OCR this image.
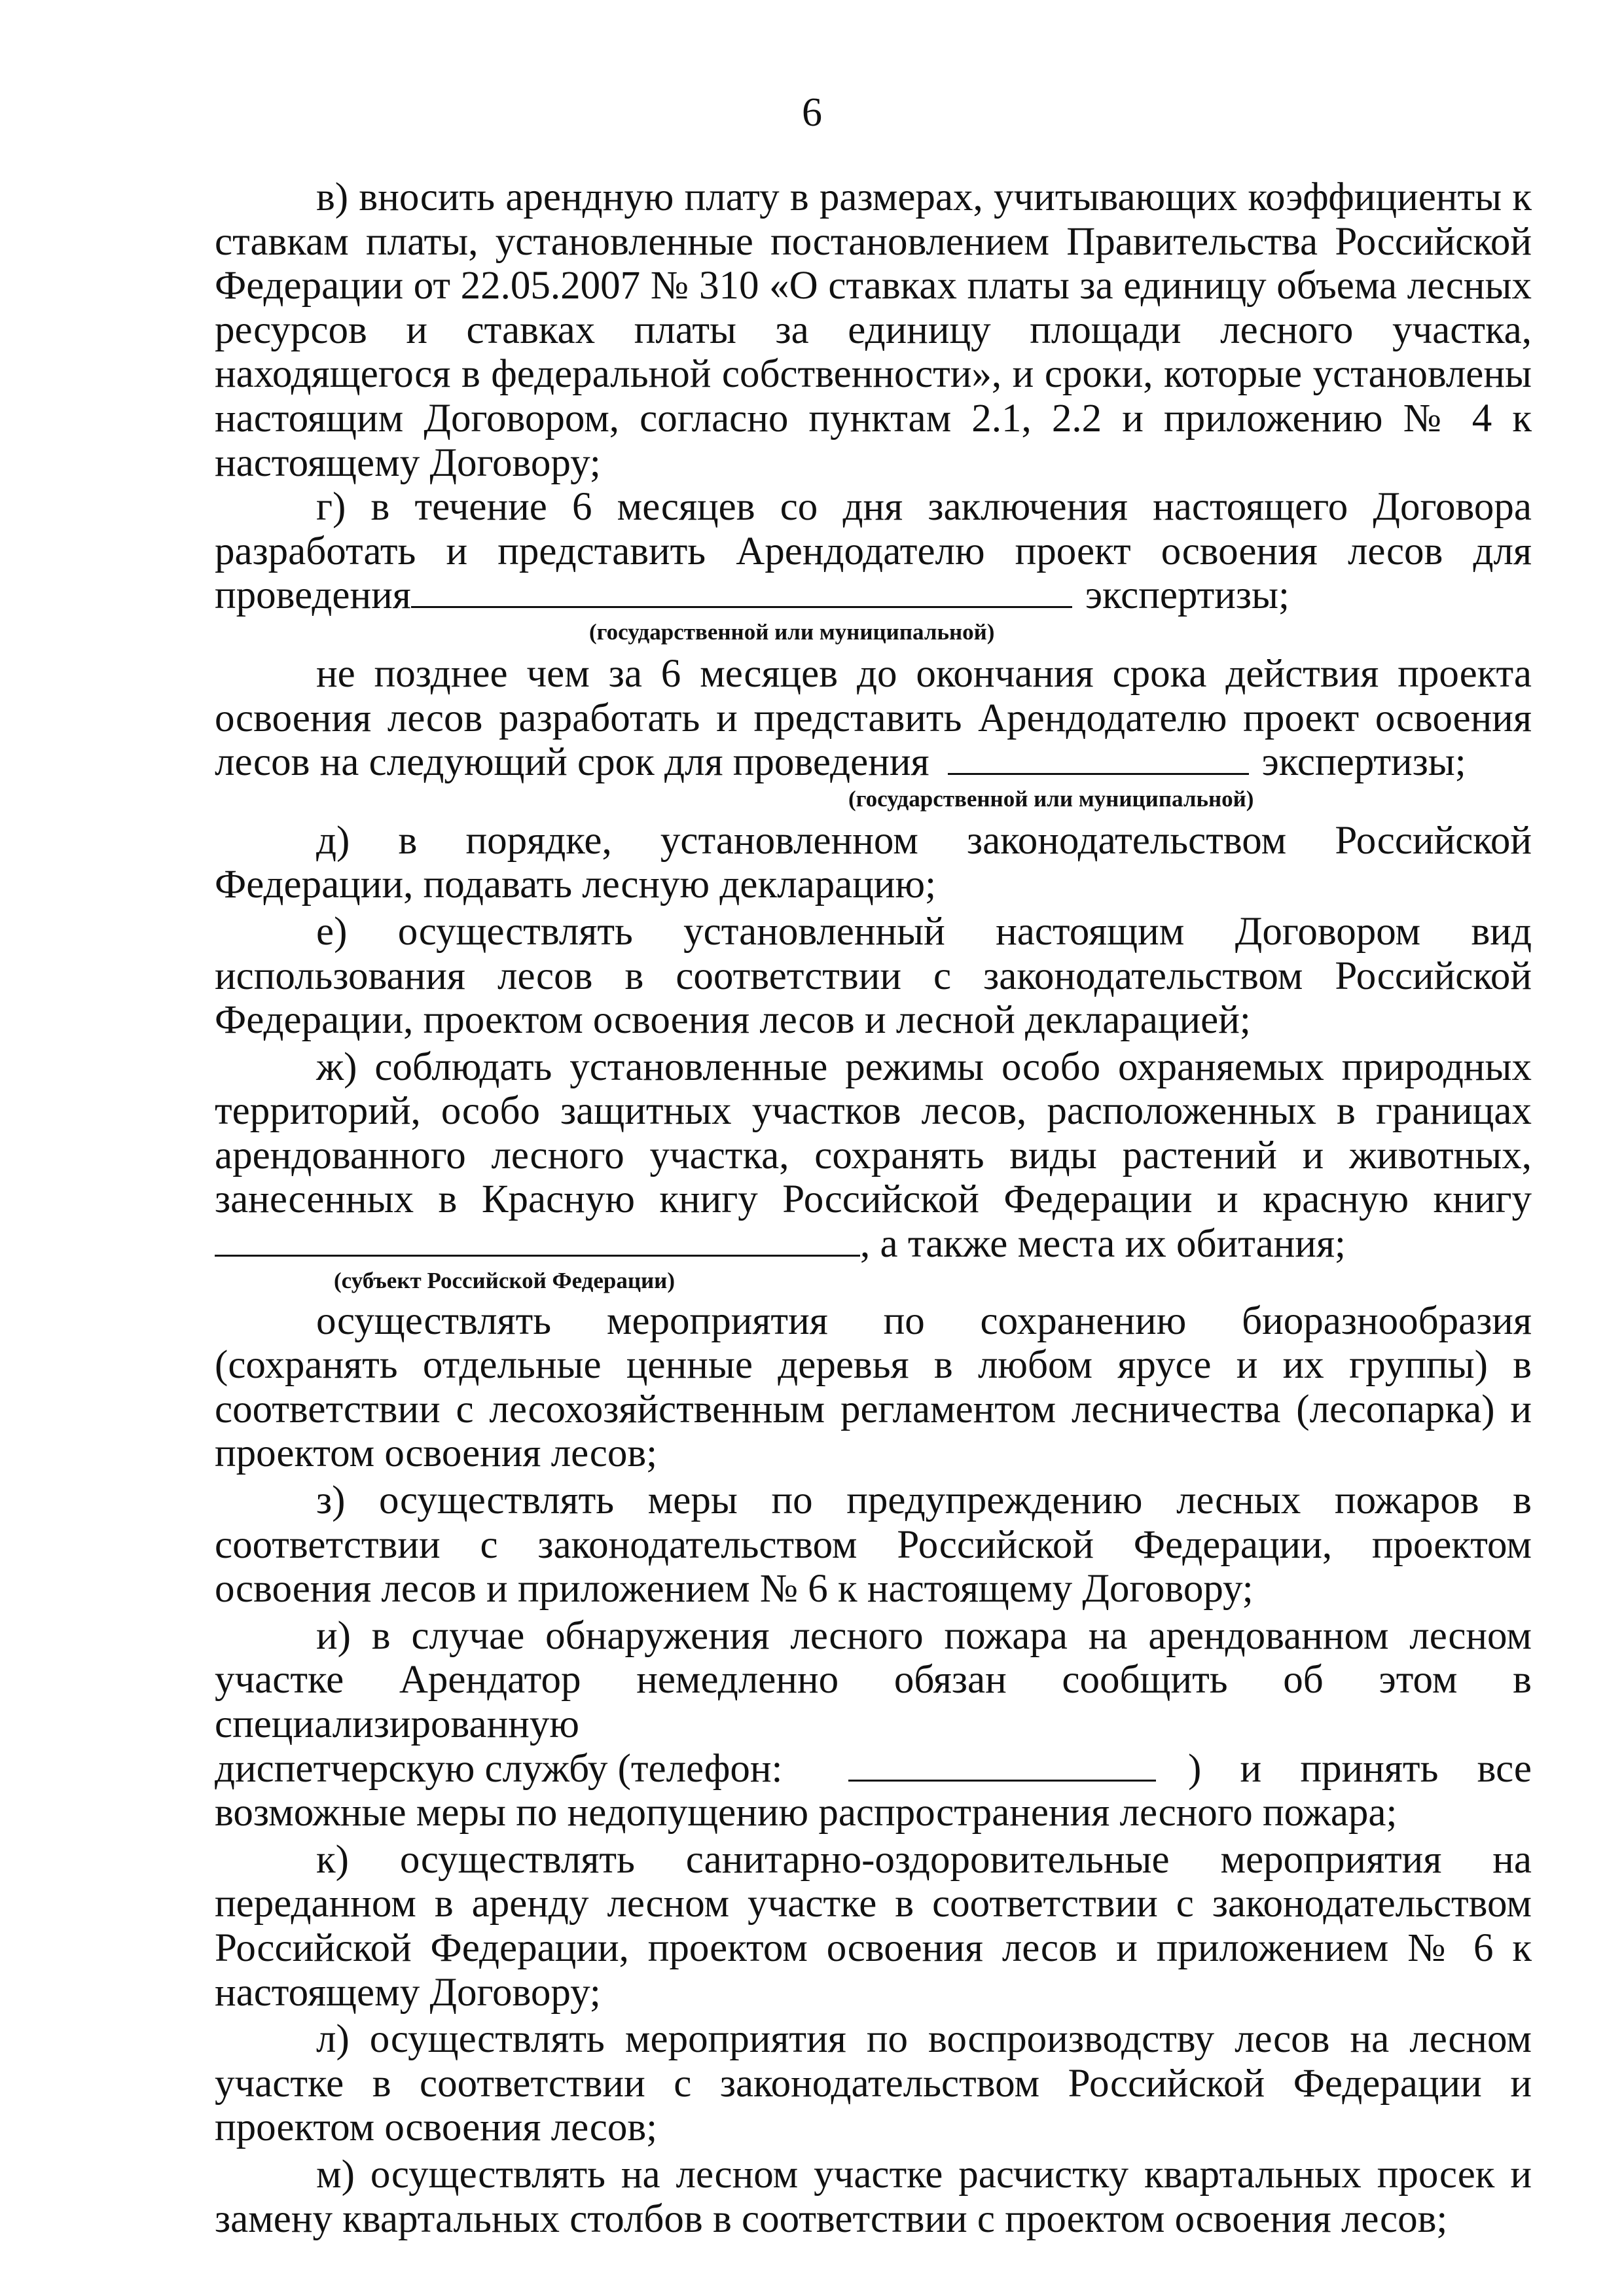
6

в) вносить арендную плату в размерах, учитывающих коэффициенты к ставкам платы, установленные постановлением Правительства Российской Федерации от 22.05.2007 № 310 «О ставках платы за единицу объема лесных ресурсов и ставках платы за единицу площади лесного участка, находящегося в федеральной собственности», и сроки, которые установлены настоящим Договором, согласно пунктам 2.1, 2.2 и приложению № 4 к настоящему Договору;

г) в течение 6 месяцев со дня заключения настоящего Договора разработать и представить Арендодателю проект освоения лесов для

проведения	экспертизы;

(государственной или муниципальной)

не позднее чем за 6 месяцев до окончания срока действия проекта освоения лесов разработать и представить Арендодателю проект освоения

лесов на следующий срок для проведения	экспертизы;

(государственной или муниципальной)

д) в порядке, установленном законодательством Российской Федерации, подавать лесную декларацию;

е) осуществлять установленный настоящим Договором вид использования лесов в соответствии с законодательством Российской Федерации, проектом освоения лесов и лесной декларацией;

ж) соблюдать установленные режимы особо охраняемых природных территорий, особо защитных участков лесов, расположенных в границах арендованного лесного участка, сохранять виды растений и животных, занесенных в Красную книгу Российской Федерации и красную книгу

, а также места их обитания;

(субъект Российской Федерации)

осуществлять мероприятия по сохранению биоразнообразия (сохранять отдельные ценные деревья в любом ярусе и их группы) в соответствии с лесохозяйственным регламентом лесничества (лесопарка) и проектом освоения лесов;

з) осуществлять меры по предупреждению лесных пожаров в соответствии с законодательством Российской Федерации, проектом освоения лесов и приложением № 6 к настоящему Договору;

и) в случае обнаружения лесного пожара на арендованном лесном участке Арендатор немедленно обязан сообщить об этом в специализированную

диспетчерскую службу (телефон:	) и принять все

возможные меры по недопущению распространения лесного пожара;

к) осуществлять санитарно-оздоровительные мероприятия на переданном в аренду лесном участке в соответствии с законодательством Российской Федерации, проектом освоения лесов и приложением № 6 к настоящему Договору;

л) осуществлять мероприятия по воспроизводству лесов на лесном участке в соответствии с законодательством Российской Федерации и проектом освоения лесов;

м) осуществлять на лесном участке расчистку квартальных просек и замену квартальных столбов в соответствии с проектом освоения лесов;
